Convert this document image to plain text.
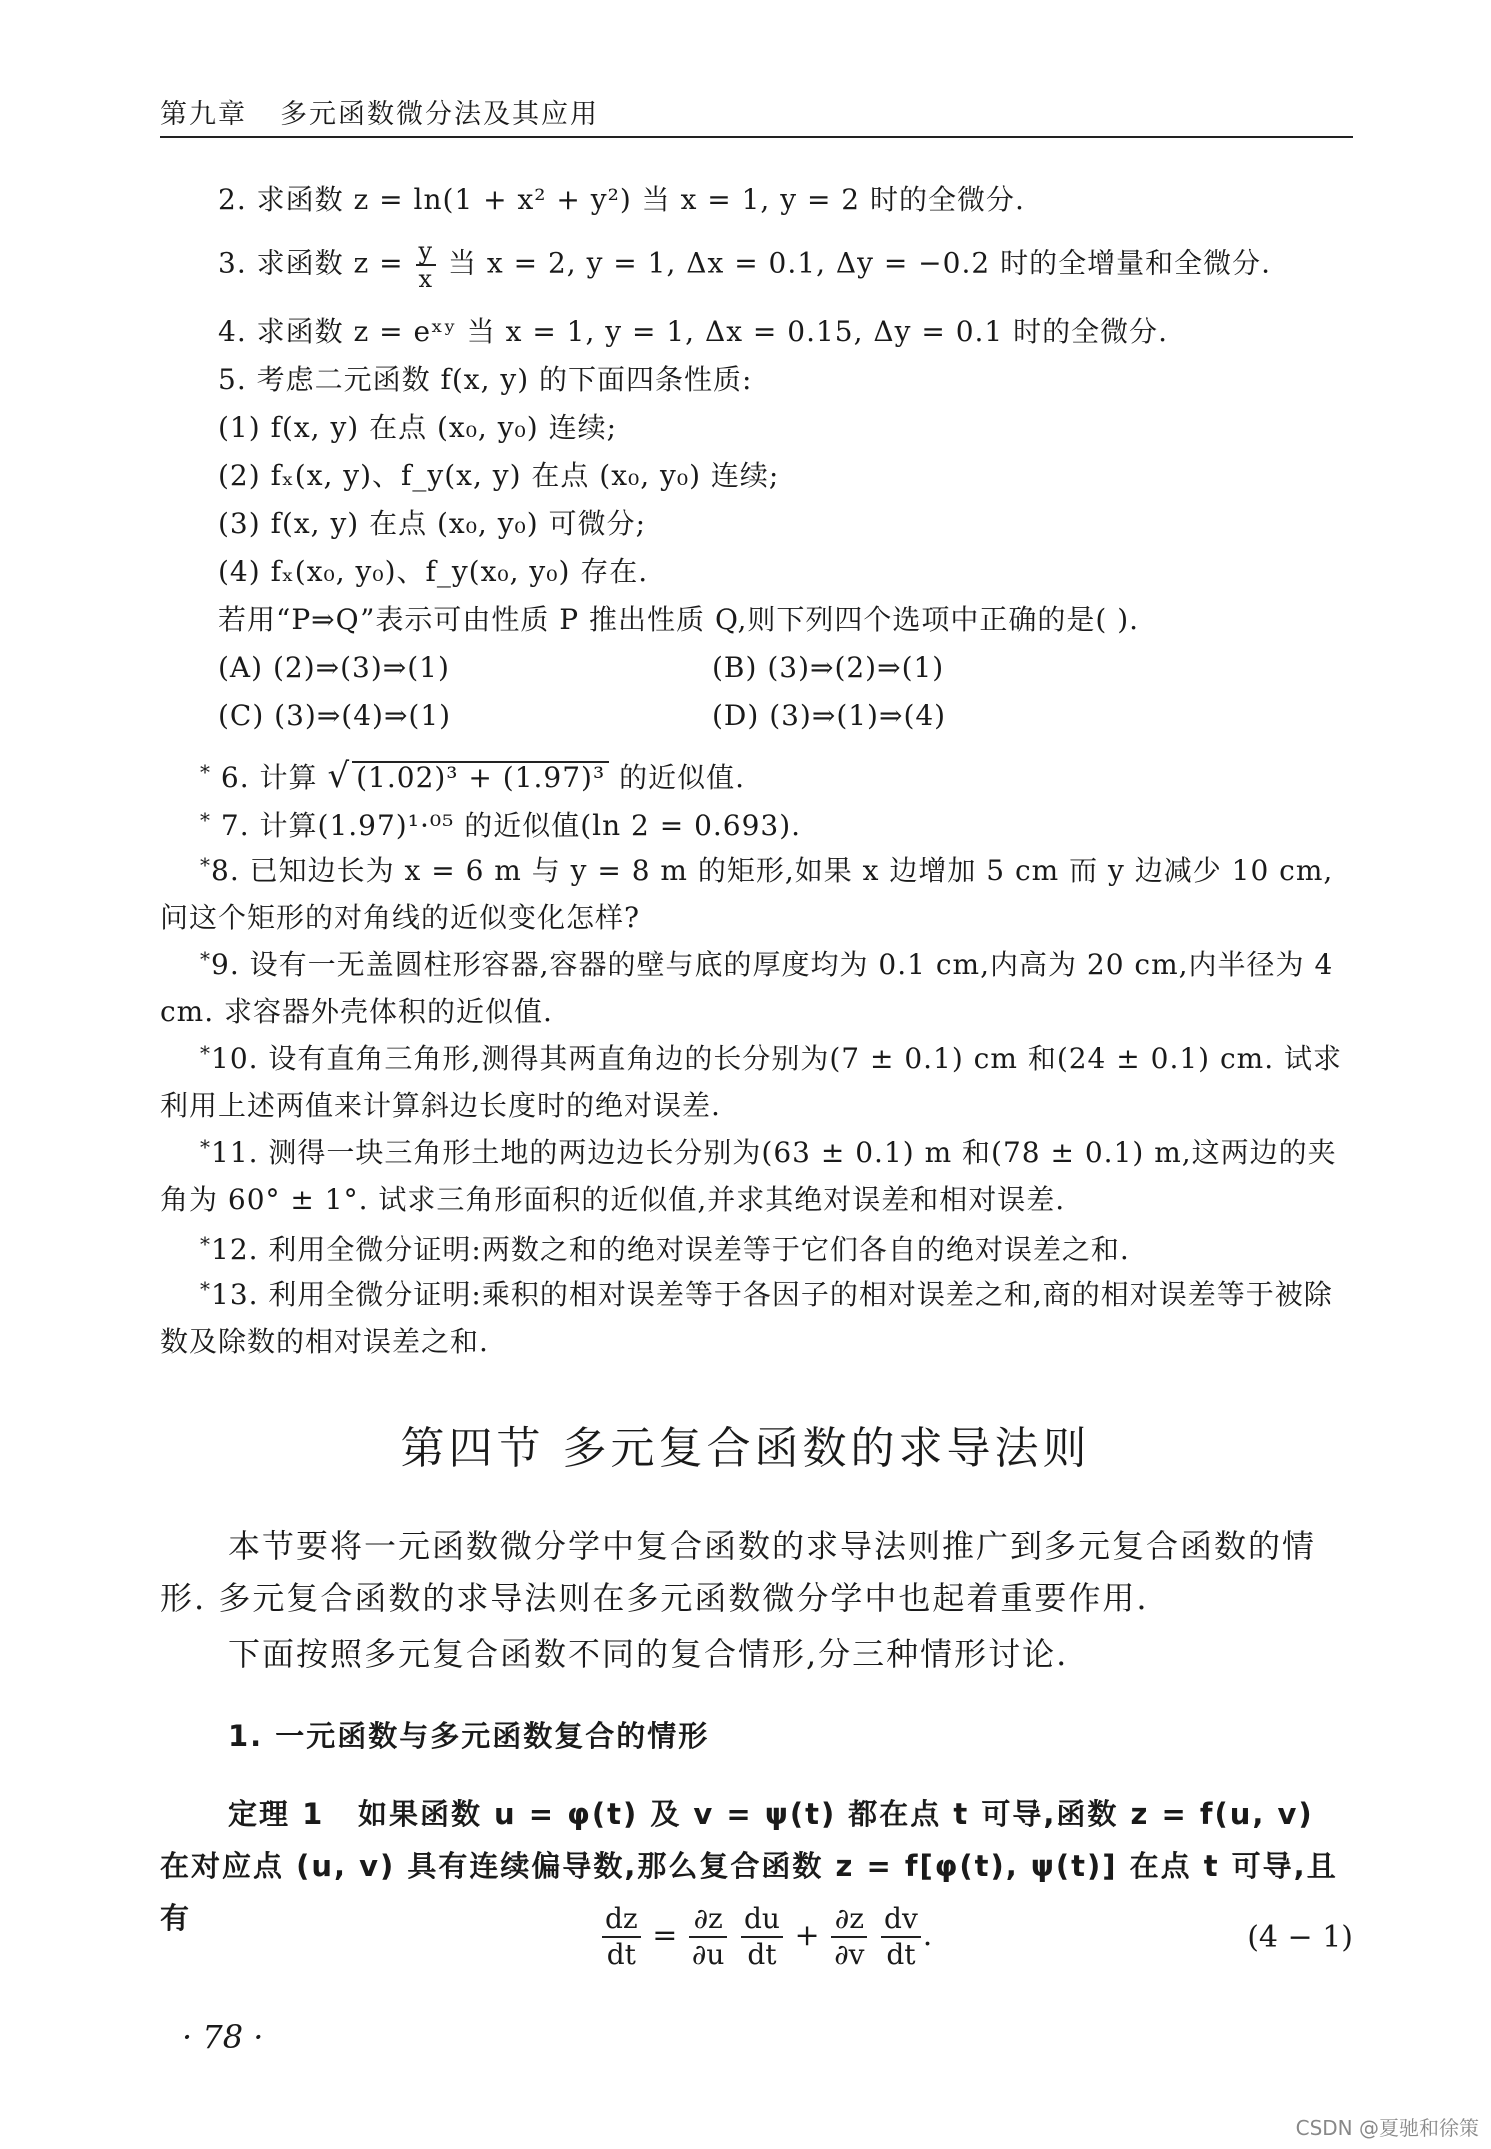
第九章 多元函数微分法及其应用
2. 求函数 z = ln(1 + x² + y²) 当 x = 1, y = 2 时的全微分.
3. 求函数 $z = \frac{y}{x}$ 当 x = 2, y = 1, Δx = 0.1, Δy = −0.2 时的全增量和全微分.
4. 求函数 z = eˣʸ 当 x = 1, y = 1, Δx = 0.15, Δy = 0.1 时的全微分.
5. 考虑二元函数 f(x, y) 的下面四条性质:
(1) f(x, y) 在点 (x₀, y₀) 连续;
(2) fₓ(x, y)、f_y(x, y) 在点 (x₀, y₀) 连续;
(3) f(x, y) 在点 (x₀, y₀) 可微分;
(4) fₓ(x₀, y₀)、f_y(x₀, y₀) 存在.
若用“P⇒Q”表示可由性质 P 推出性质 Q,则下列四个选项中正确的是( ).
(A) (2)⇒(3)⇒(1)	(B) (3)⇒(2)⇒(1)
(C) (3)⇒(4)⇒(1)	(D) (3)⇒(1)⇒(4)
* 6. 计算 √ (1.02)³ + (1.97)³ 的近似值.
* 7. 计算(1.97)¹·⁰⁵ 的近似值(ln 2 = 0.693).
*8. 已知边长为 x = 6 m 与 y = 8 m 的矩形,如果 x 边增加 5 cm 而 y 边减少 10 cm,问这个矩形的对角线的近似变化怎样?
*9. 设有一无盖圆柱形容器,容器的壁与底的厚度均为 0.1 cm,内高为 20 cm,内半径为 4 cm. 求容器外壳体积的近似值.
*10. 设有直角三角形,测得其两直角边的长分别为(7 ± 0.1) cm 和(24 ± 0.1) cm. 试求利用上述两值来计算斜边长度时的绝对误差.
*11. 测得一块三角形土地的两边边长分别为(63 ± 0.1) m 和(78 ± 0.1) m,这两边的夹角为 60° ± 1°. 试求三角形面积的近似值,并求其绝对误差和相对误差.
*12. 利用全微分证明:两数之和的绝对误差等于它们各自的绝对误差之和.
*13. 利用全微分证明:乘积的相对误差等于各因子的相对误差之和,商的相对误差等于被除数及除数的相对误差之和.
第四节 多元复合函数的求导法则
本节要将一元函数微分学中复合函数的求导法则推广到多元复合函数的情形. 多元复合函数的求导法则在多元函数微分学中也起着重要作用.
下面按照多元复合函数不同的复合情形,分三种情形讨论.
1. 一元函数与多元函数复合的情形
定理 1 如果函数 u = φ(t) 及 v = ψ(t) 都在点 t 可导,函数 z = f(u, v) 在对应点 (u, v) 具有连续偏导数,那么复合函数 z = f[φ(t), ψ(t)] 在点 t 可导,且有	$\frac{dz}{dt} = \frac{\partial z}{\partial u}$
$\frac{du}{dt} + \frac{\partial z}{\partial v}$
$\frac{dv}{dt}$ .	(4 − 1)
· 78 ·
CSDN @夏驰和徐策
